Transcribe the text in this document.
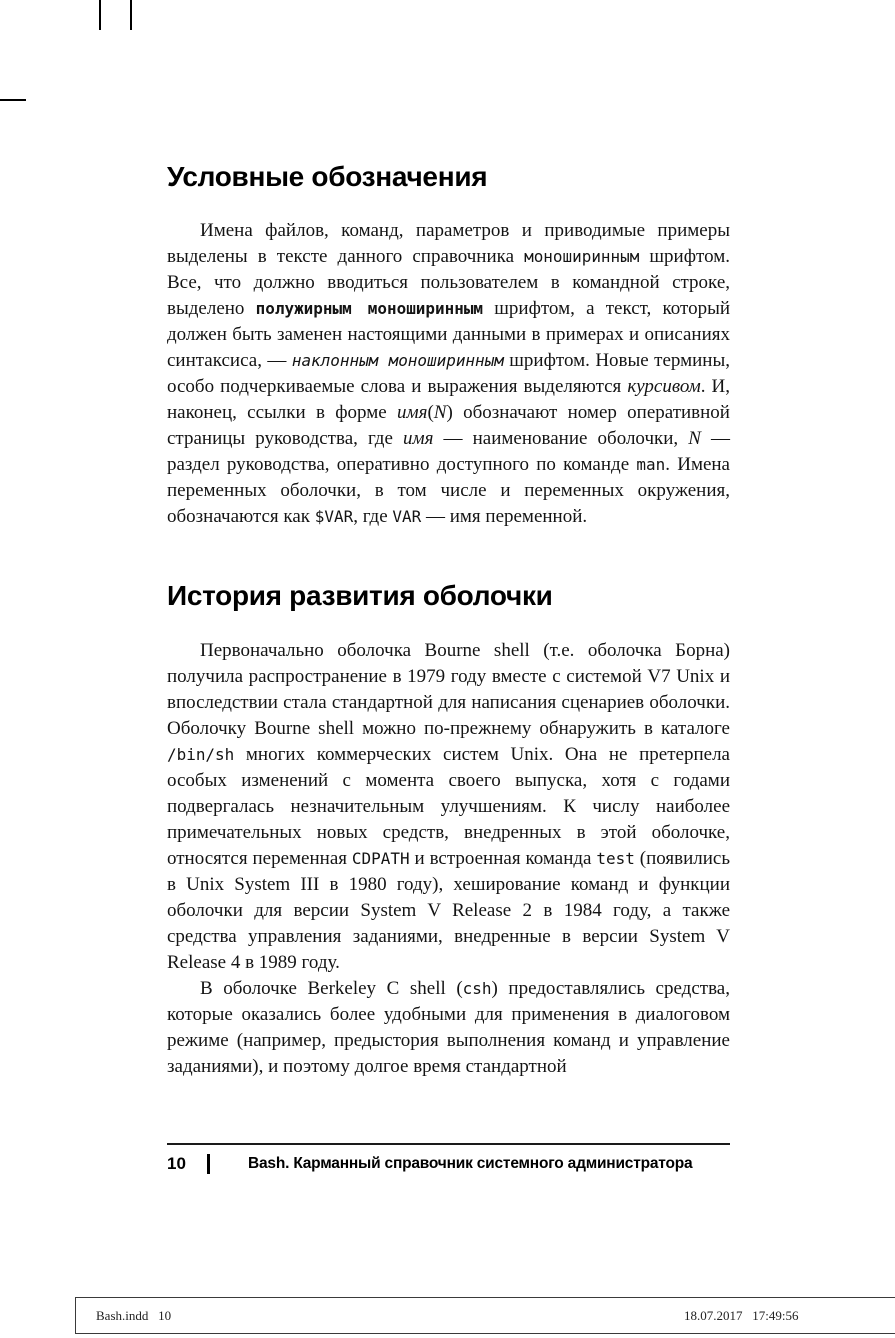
Условные обозначения

Имена файлов, команд, параметров и приводимые примеры выделены в тексте данного справочника моноширинным шрифтом. Все, что должно вводиться пользователем в командной строке, выделено полужирным моноширинным шрифтом, а текст, который должен быть заменен настоящими данными в примерах и описаниях синтаксиса, — наклонным моноширинным шрифтом. Новые термины, особо подчеркиваемые слова и выражения выделяются курсивом. И, наконец, ссылки в форме имя(N) обозначают номер оперативной страницы руководства, где имя — наименование оболочки, N — раздел руководства, оперативно доступного по команде man. Имена переменных оболочки, в том числе и переменных окружения, обозначаются как $VAR, где VAR — имя переменной.

История развития оболочки

Первоначально оболочка Bourne shell (т.е. оболочка Борна) получила распространение в 1979 году вместе с системой V7 Unix и впоследствии стала стандартной для написания сценариев оболочки. Оболочку Bourne shell можно по-прежнему обнаружить в каталоге /bin/sh многих коммерческих систем Unix. Она не претерпела особых изменений с момента своего выпуска, хотя с годами подвергалась незначительным улучшениям. К числу наиболее примечательных новых средств, внедренных в этой оболочке, относятся переменная CDPATH и встроенная команда test (появились в Unix System III в 1980 году), хеширование команд и функции оболочки для версии System V Release 2 в 1984 году, а также средства управления заданиями, внедренные в версии System V Release 4 в 1989 году.

В оболочке Berkeley C shell (csh) предоставлялись средства, которые оказались более удобными для применения в диалоговом режиме (например, предыстория выполнения команд и управление заданиями), и поэтому долгое время стандартной

10	Bash. Карманный справочник системного администратора
Bash.indd   10	18.07.2017   17:49:56
